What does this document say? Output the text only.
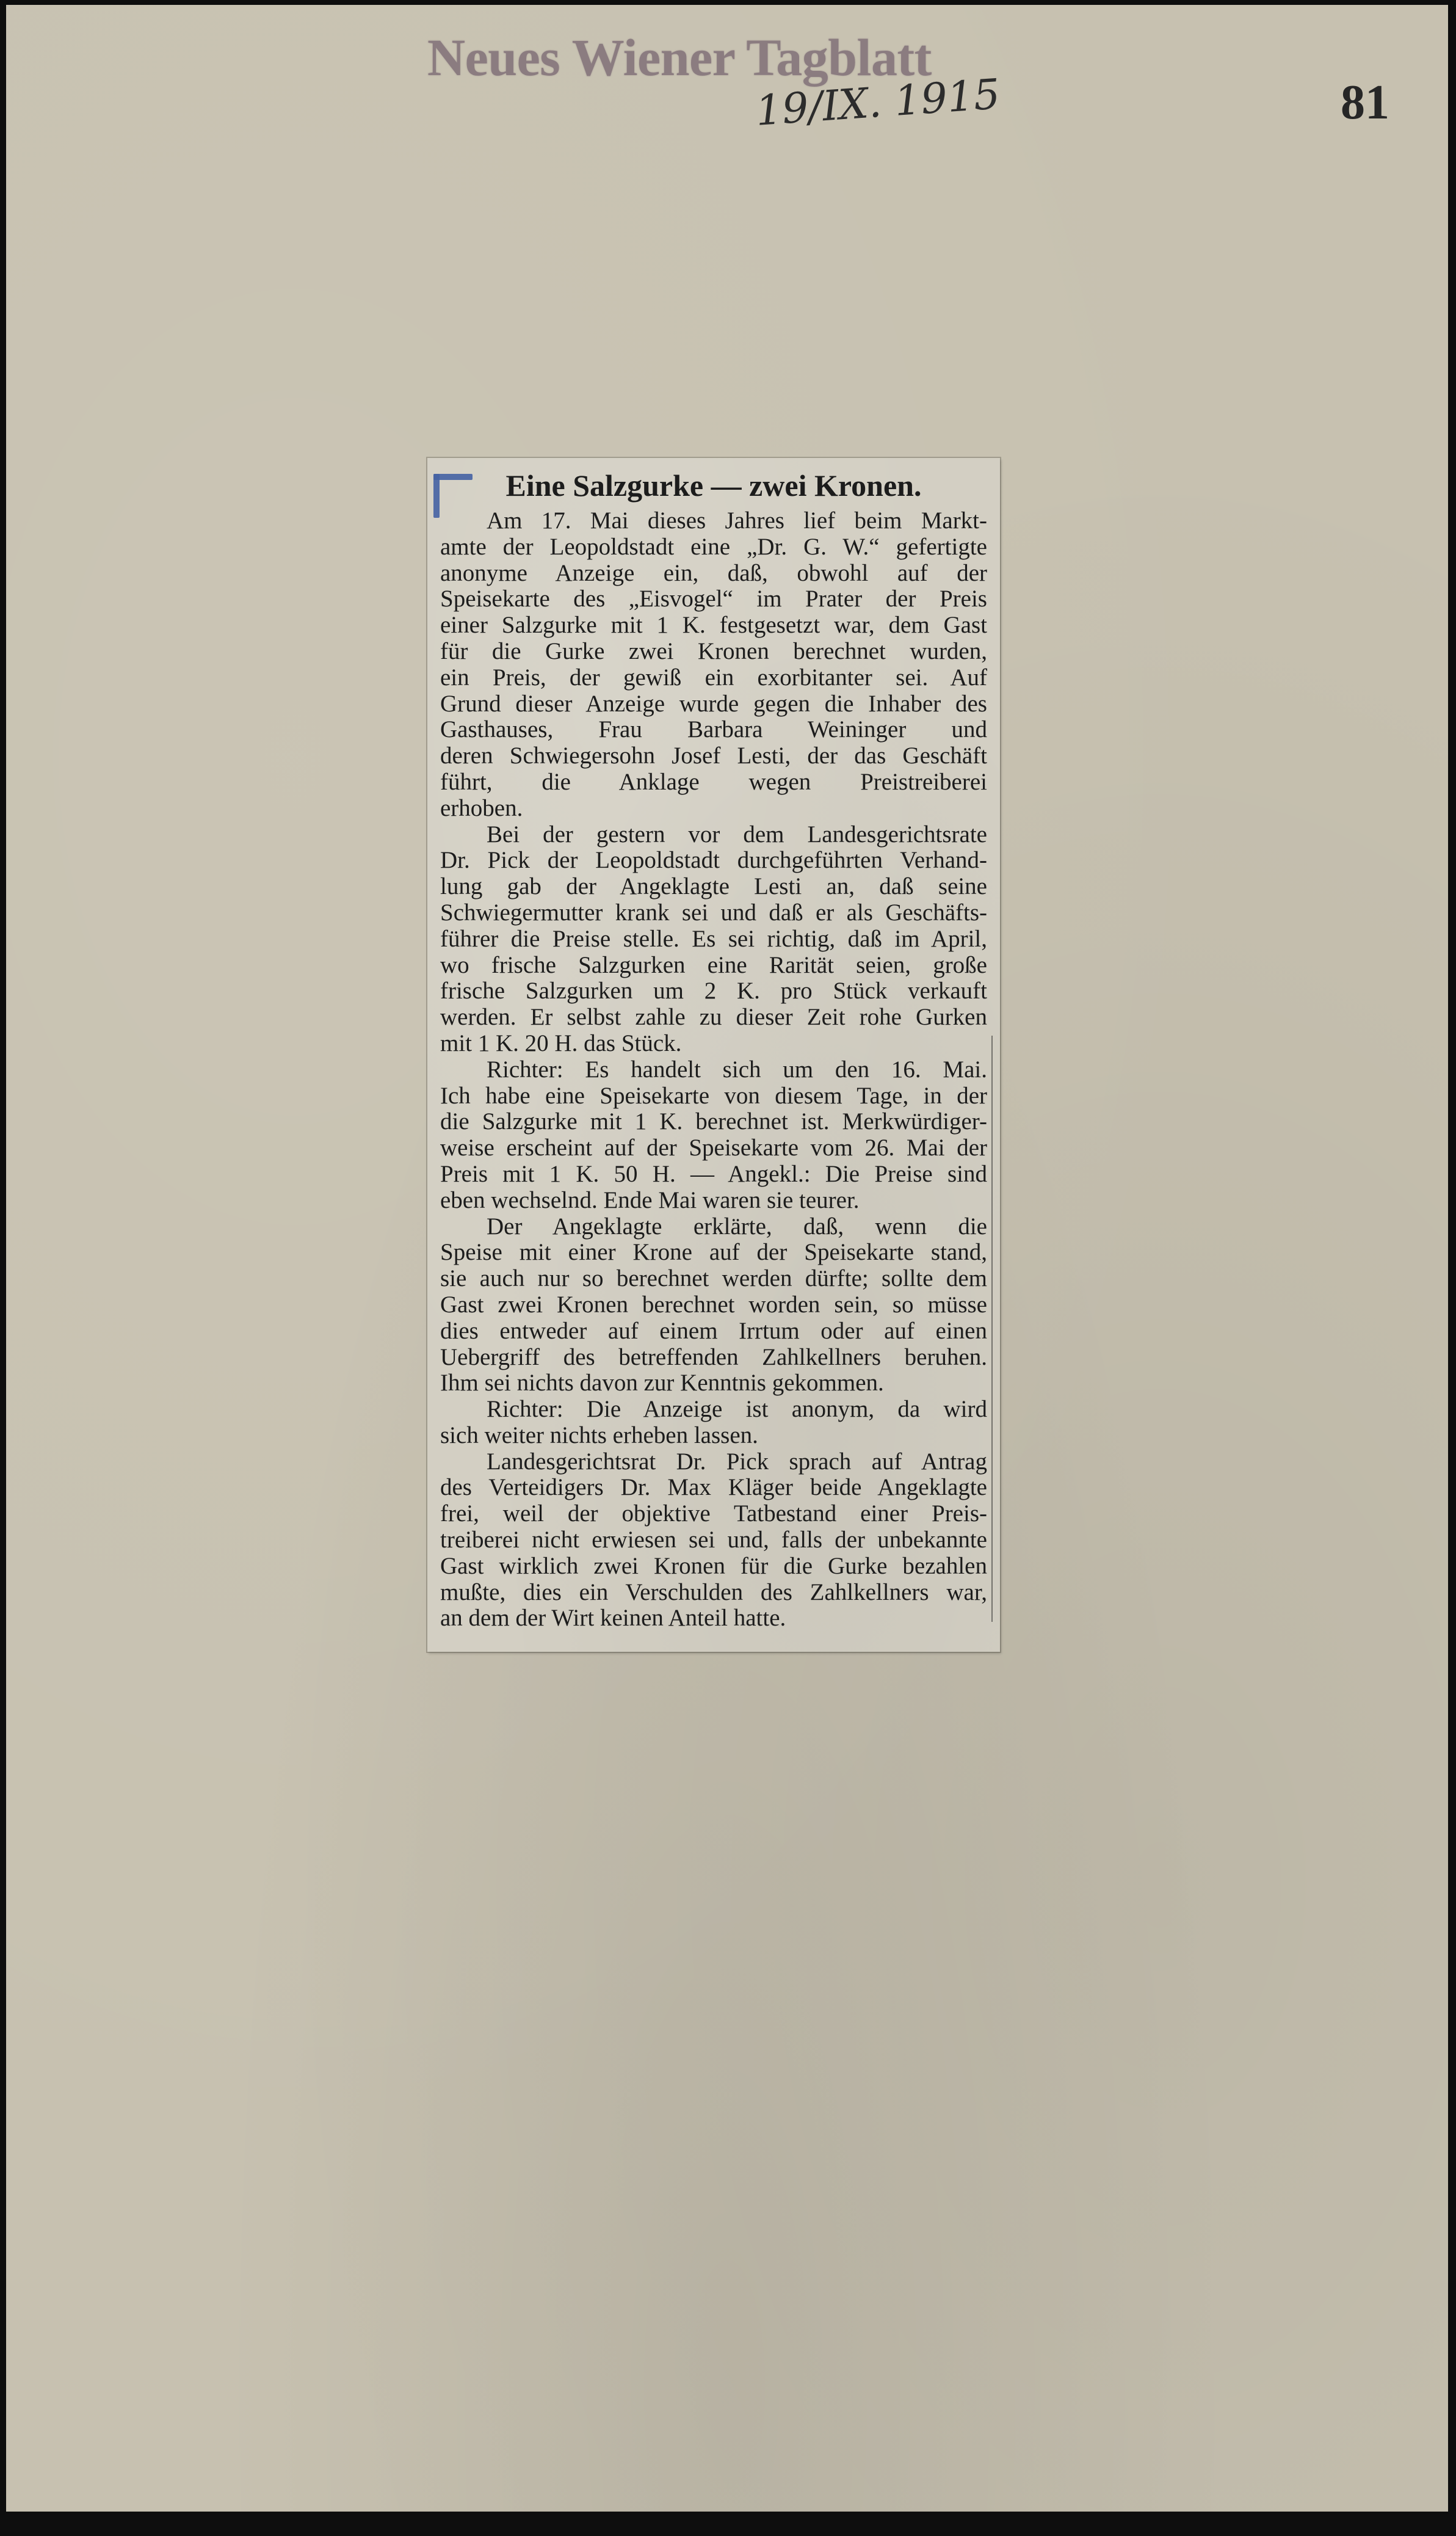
Neues Wiener Tagblatt
19/IX. 1915	81
Eine Salzgurke — zwei Kronen.
Am 17. Mai dieses Jahres lief beim Markt-
amte der Leopoldstadt eine „Dr. G. W.“ gefertigte
anonyme Anzeige ein, daß, obwohl auf der
Speisekarte des „Eisvogel“ im Prater der Preis
einer Salzgurke mit 1 K. festgesetzt war, dem Gast
für die Gurke zwei Kronen berechnet wurden,
ein Preis, der gewiß ein exorbitanter sei. Auf
Grund dieser Anzeige wurde gegen die Inhaber des
Gasthauses, Frau Barbara Weininger und
deren Schwiegersohn Josef Lesti, der das Geschäft
führt, die Anklage wegen Preistreiberei
erhoben.
Bei der gestern vor dem Landesgerichtsrate
Dr. Pick der Leopoldstadt durchgeführten Verhand-
lung gab der Angeklagte Lesti an, daß seine
Schwiegermutter krank sei und daß er als Geschäfts-
führer die Preise stelle. Es sei richtig, daß im April,
wo frische Salzgurken eine Rarität seien, große
frische Salzgurken um 2 K. pro Stück verkauft
werden. Er selbst zahle zu dieser Zeit rohe Gurken
mit 1 K. 20 H. das Stück.
Richter: Es handelt sich um den 16. Mai.
Ich habe eine Speisekarte von diesem Tage, in der
die Salzgurke mit 1 K. berechnet ist. Merkwürdiger-
weise erscheint auf der Speisekarte vom 26. Mai der
Preis mit 1 K. 50 H. — Angekl.: Die Preise sind
eben wechselnd. Ende Mai waren sie teurer.
Der Angeklagte erklärte, daß, wenn die
Speise mit einer Krone auf der Speisekarte stand,
sie auch nur so berechnet werden dürfte; sollte dem
Gast zwei Kronen berechnet worden sein, so müsse
dies entweder auf einem Irrtum oder auf einen
Uebergriff des betreffenden Zahlkellners beruhen.
Ihm sei nichts davon zur Kenntnis gekommen.
Richter: Die Anzeige ist anonym, da wird
sich weiter nichts erheben lassen.
Landesgerichtsrat Dr. Pick sprach auf Antrag
des Verteidigers Dr. Max Kläger beide Angeklagte
frei, weil der objektive Tatbestand einer Preis-
treiberei nicht erwiesen sei und, falls der unbekannte
Gast wirklich zwei Kronen für die Gurke bezahlen
mußte, dies ein Verschulden des Zahlkellners war,
an dem der Wirt keinen Anteil hatte.
